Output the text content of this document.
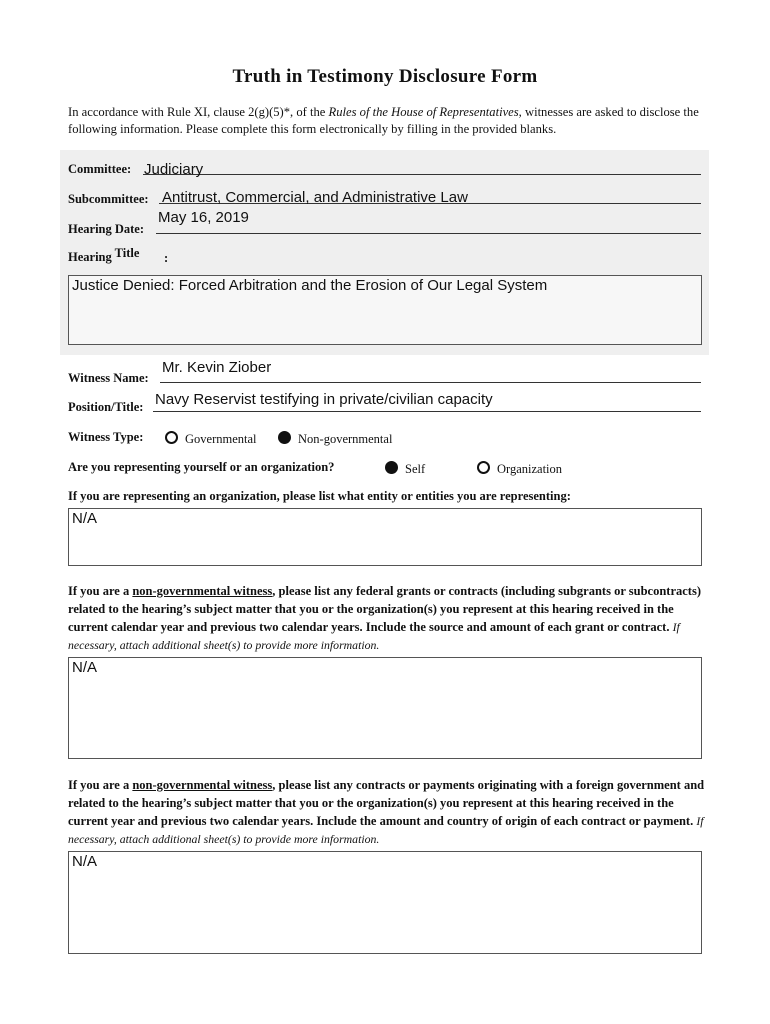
Truth in Testimony Disclosure Form
In accordance with Rule XI, clause 2(g)(5)*, of the Rules of the House of Representatives, witnesses are asked to disclose the following information. Please complete this form electronically by filling in the provided blanks.
Committee: Judiciary
Subcommittee: Antitrust, Commercial, and Administrative Law
Hearing Date:
May 16, 2019
Hearing Title :
Justice Denied: Forced Arbitration and the Erosion of Our Legal System
Witness Name:
Mr. Kevin Ziober
Position/Title: Navy Reservist testifying in private/civilian capacity
Witness Type:	Governmental	Non-governmental
Are you representing yourself or an organization?	Self	Organization
If you are representing an organization, please list what entity or entities you are representing:
N/A
If you are a non-governmental witness, please list any federal grants or contracts (including subgrants or subcontracts) related to the hearing’s subject matter that you or the organization(s) you represent at this hearing received in the current calendar year and previous two calendar years. Include the source and amount of each grant or contract. If necessary, attach additional sheet(s) to provide more information.
N/A
If you are a non-governmental witness, please list any contracts or payments originating with a foreign government and related to the hearing’s subject matter that you or the organization(s) you represent at this hearing received in the current year and previous two calendar years. Include the amount and country of origin of each contract or payment. If necessary, attach additional sheet(s) to provide more information.
N/A
